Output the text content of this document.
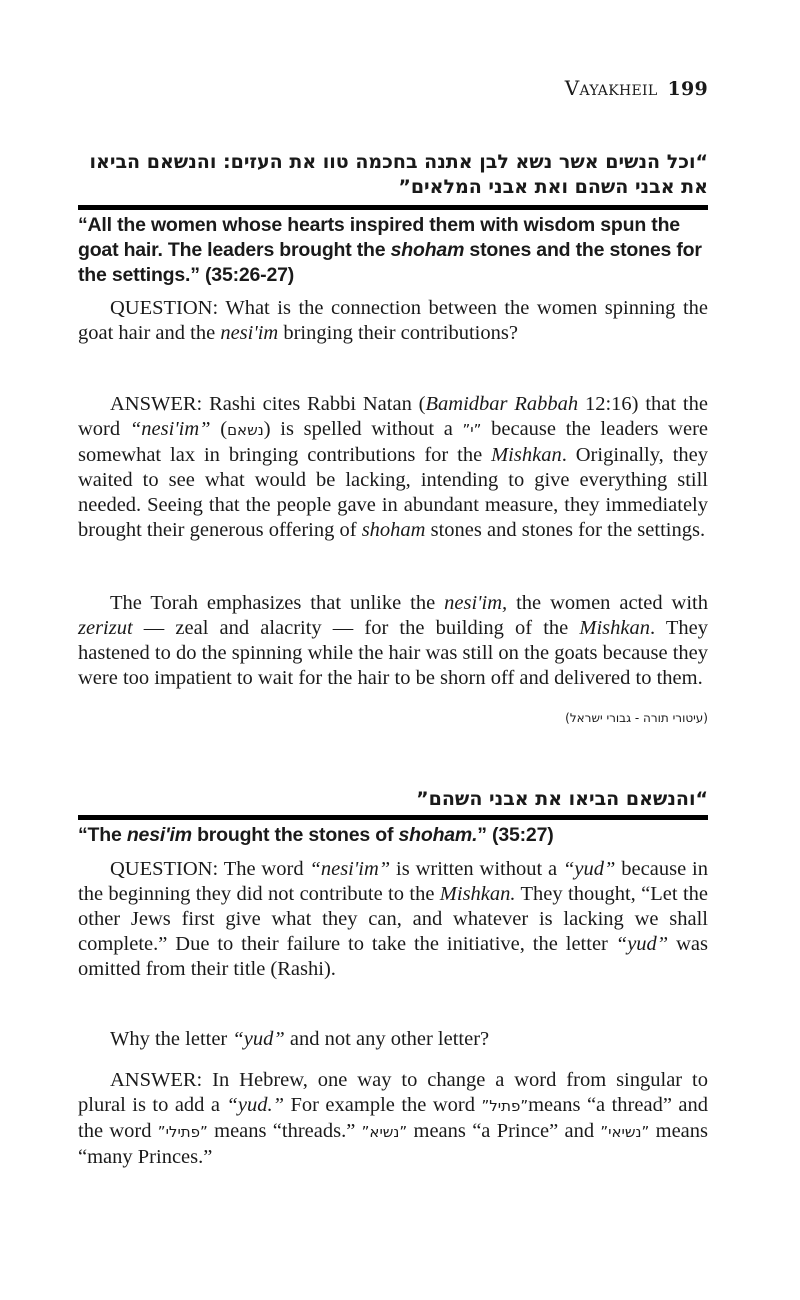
Vayakheil 199
“וכל הנשים אשר נשא לבן אתנה בחכמה טוו את העזים: והנשאם הביאו את אבני השהם ואת אבני המלאים”
“All the women whose hearts inspired them with wisdom spun the goat hair. The leaders brought the shoham stones and the stones for the settings.” (35:26-27)

QUESTION: What is the connection between the women spinning the goat hair and the nesi'im bringing their contributions?

ANSWER: Rashi cites Rabbi Natan (Bamidbar Rabbah 12:16) that the word “nesi'im” (נשאם) is spelled without a ”י” because the leaders were somewhat lax in bringing contributions for the Mishkan. Originally, they waited to see what would be lacking, intending to give everything still needed. Seeing that the people gave in abundant measure, they immediately brought their generous offering of shoham stones and stones for the settings.

The Torah emphasizes that unlike the nesi'im, the women acted with zerizut — zeal and alacrity — for the building of the Mishkan. They hastened to do the spinning while the hair was still on the goats because they were too impatient to wait for the hair to be shorn off and delivered to them.

(עיטורי תורה - גבורי ישראל)
“והנשאם הביאו את אבני השהם”
“The nesi'im brought the stones of shoham.” (35:27)

QUESTION: The word “nesi'im” is written without a “yud” because in the beginning they did not contribute to the Mishkan. They thought, “Let the other Jews first give what they can, and whatever is lacking we shall complete.” Due to their failure to take the initiative, the letter “yud” was omitted from their title (Rashi).

Why the letter “yud” and not any other letter?

ANSWER: In Hebrew, one way to change a word from singular to plural is to add a “yud.” For example the word ”פתיל”means “a thread” and the word ”פתילי” means “threads.” ”נשיא” means “a Prince” and ”נשיאי” means “many Princes.”
